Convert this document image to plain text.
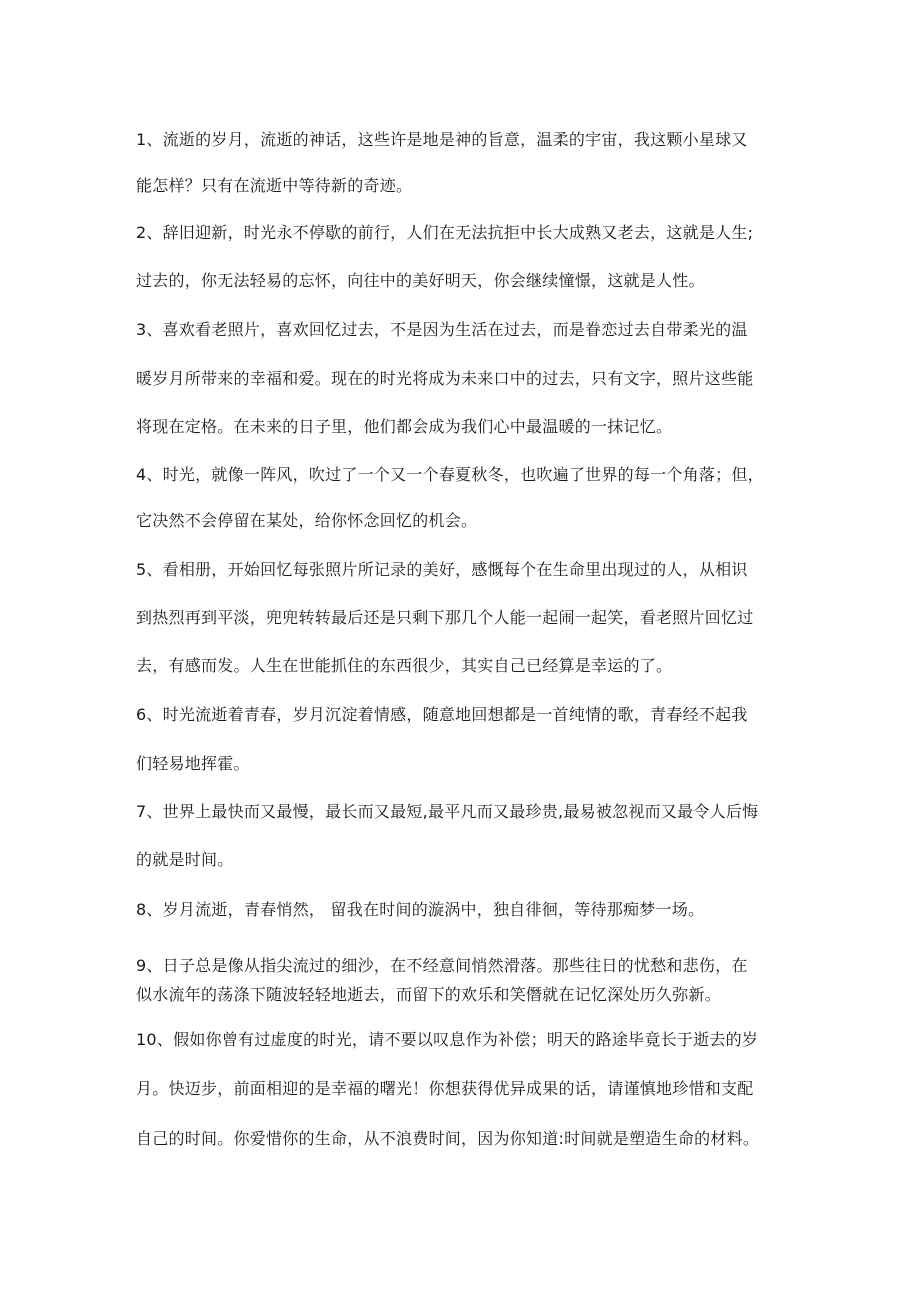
1、流逝的岁月，流逝的神话，这些许是地是神的旨意，温柔的宇宙，我这颗小星球又
能怎样？只有在流逝中等待新的奇迹。
2、辞旧迎新，时光永不停歇的前行，人们在无法抗拒中长大成熟又老去，这就是人生;
过去的，你无法轻易的忘怀，向往中的美好明天，你会继续憧憬，这就是人性。
3、喜欢看老照片，喜欢回忆过去，不是因为生活在过去，而是眷恋过去自带柔光的温
暖岁月所带来的幸福和爱。现在的时光将成为未来口中的过去，只有文字，照片这些能
将现在定格。在未来的日子里，他们都会成为我们心中最温暖的一抹记忆。
4、时光，就像一阵风，吹过了一个又一个春夏秋冬，也吹遍了世界的每一个角落；但，
它决然不会停留在某处，给你怀念回忆的机会。
5、看相册，开始回忆每张照片所记录的美好，感慨每个在生命里出现过的人，从相识
到热烈再到平淡，兜兜转转最后还是只剩下那几个人能一起闹一起笑，看老照片回忆过
去，有感而发。人生在世能抓住的东西很少，其实自己已经算是幸运的了。
6、时光流逝着青春，岁月沉淀着情感，随意地回想都是一首纯情的歌，青春经不起我
们轻易地挥霍。
7、世界上最快而又最慢，最长而又最短,最平凡而又最珍贵,最易被忽视而又最令人后悔
的就是时间。
8、岁月流逝，青春悄然， 留我在时间的漩涡中，独自徘徊，等待那痴梦一场。
9、日子总是像从指尖流过的细沙，在不经意间悄然滑落。那些往日的忧愁和悲伤，在
似水流年的荡涤下随波轻轻地逝去，而留下的欢乐和笑僭就在记忆深处历久弥新。
10、假如你曾有过虚度的时光，请不要以叹息作为补偿；明天的路途毕竟长于逝去的岁
月。快迈步，前面相迎的是幸福的曙光！你想获得优异成果的话，请谨慎地珍惜和支配
自己的时间。你爱惜你的生命，从不浪费时间，因为你知道:时间就是塑造生命的材料。
